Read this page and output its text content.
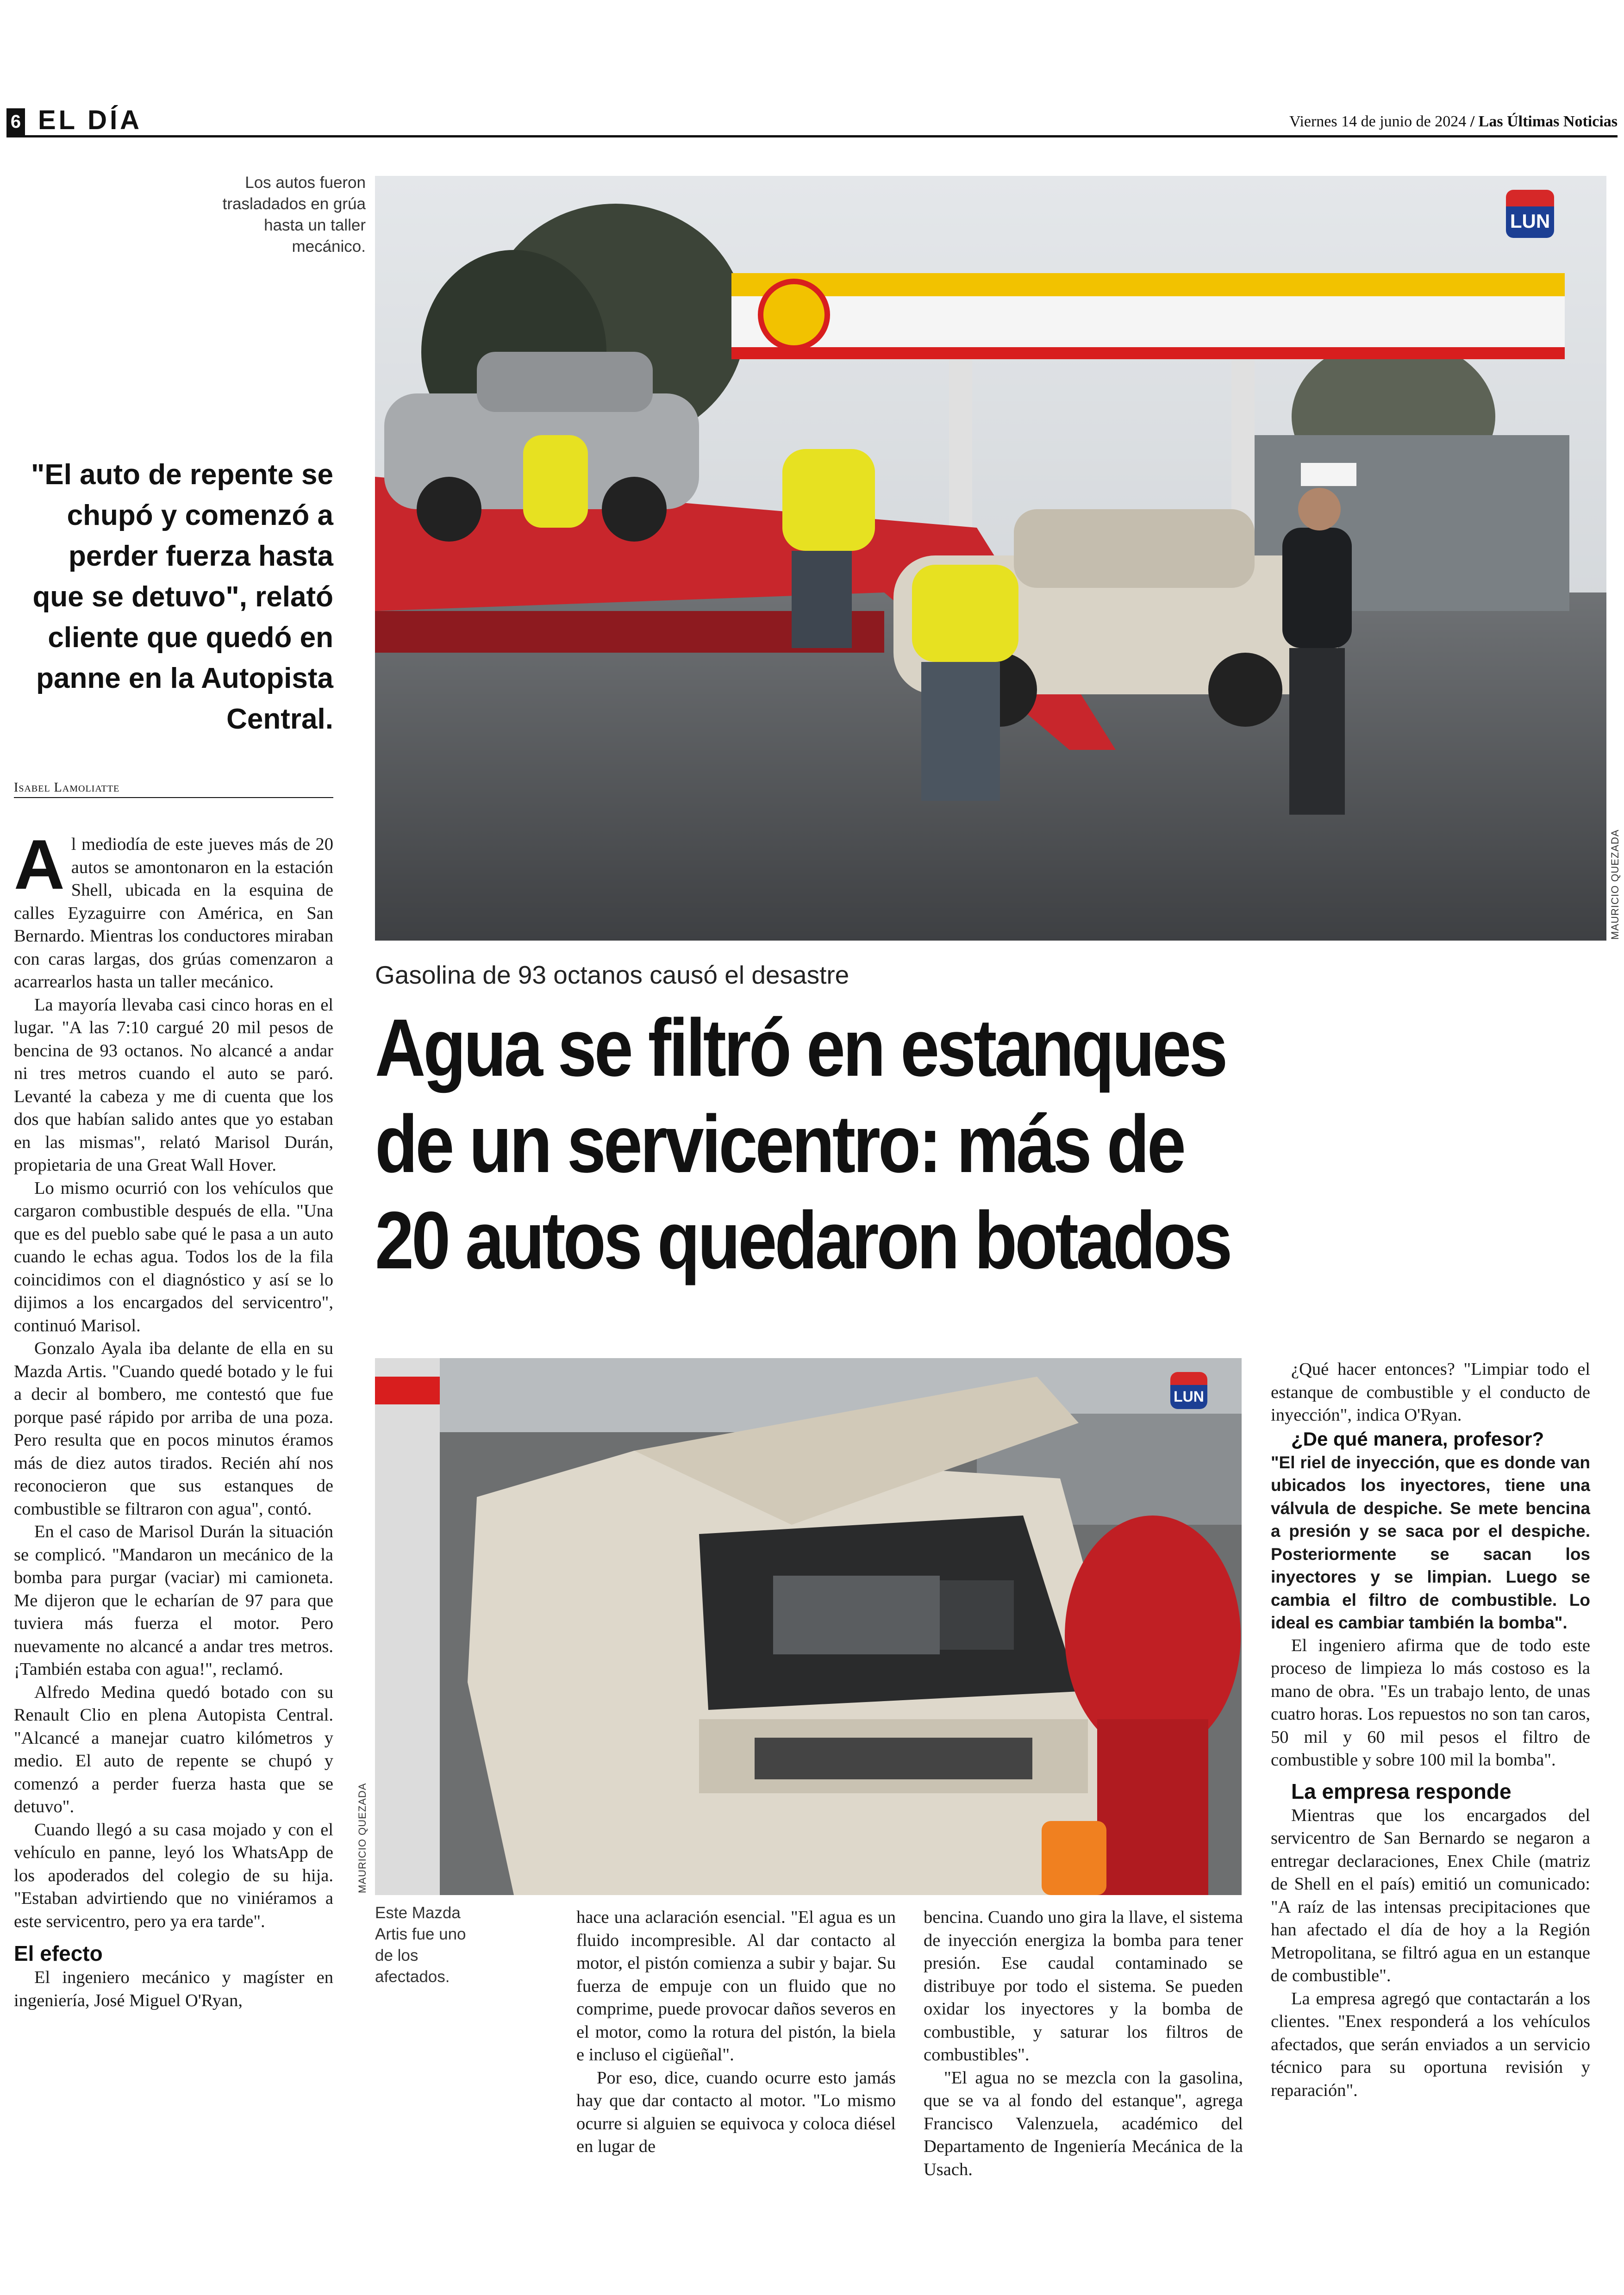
6 EL DÍA	Viernes 14 de junio de 2024 / Las Últimas Noticias
Los autos fueron trasladados en grúa hasta un taller mecánico.
LUN
MAURICIO QUEZADA
"El auto de repente se chupó y comenzó a perder fuerza hasta que se detuvo", relató cliente que quedó en panne en la Autopista Central.
Isabel Lamoliatte
Gasolina de 93 octanos causó el desastre
Agua se filtró en estanques
de un servicentro: más de
20 autos quedaron botados
LUN
MAURICIO QUEZADA
Este Mazda Artis fue uno de los afectados.

Al mediodía de este jueves más de 20 autos se amontonaron en la estación Shell, ubicada en la esquina de calles Eyzaguirre con América, en San Bernardo. Mientras los conductores miraban con caras largas, dos grúas comenzaron a acarrearlos hasta un taller mecánico.

La mayoría llevaba casi cinco horas en el lugar. "A las 7:10 cargué 20 mil pesos de bencina de 93 octanos. No alcancé a andar ni tres metros cuando el auto se paró. Levanté la cabeza y me di cuenta que los dos que habían salido antes que yo estaban en las mismas", relató Marisol Durán, propietaria de una Great Wall Hover.

Lo mismo ocurrió con los vehículos que cargaron combustible después de ella. "Una que es del pueblo sabe qué le pasa a un auto cuando le echas agua. Todos los de la fila coincidimos con el diagnóstico y así se lo dijimos a los encargados del servicentro", continuó Marisol.

Gonzalo Ayala iba delante de ella en su Mazda Artis. "Cuando quedé botado y le fui a decir al bombero, me contestó que fue porque pasé rápido por arriba de una poza. Pero resulta que en pocos minutos éramos más de diez autos tirados. Recién ahí nos reconocieron que sus estanques de combustible se filtraron con agua", contó.

En el caso de Marisol Durán la situación se complicó. "Mandaron un mecánico de la bomba para purgar (vaciar) mi camioneta. Me dijeron que le echarían de 97 para que tuviera más fuerza el motor. Pero nuevamente no alcancé a andar tres metros. ¡También estaba con agua!", reclamó.

Alfredo Medina quedó botado con su Renault Clio en plena Autopista Central. "Alcancé a manejar cuatro kilómetros y medio. El auto de repente se chupó y comenzó a perder fuerza hasta que se detuvo".

Cuando llegó a su casa mojado y con el vehículo en panne, leyó los WhatsApp de los apoderados del colegio de su hija. "Estaban advirtiendo que no viniéramos a este servicentro, pero ya era tarde".

El efecto

El ingeniero mecánico y magíster en ingeniería, José Miguel O'Ryan,

hace una aclaración esencial. "El agua es un fluido incompresible. Al dar contacto al motor, el pistón comienza a subir y bajar. Su fuerza de empuje con un fluido que no comprime, puede provocar daños severos en el motor, como la rotura del pistón, la biela e incluso el cigüeñal".

Por eso, dice, cuando ocurre esto jamás hay que dar contacto al motor. "Lo mismo ocurre si alguien se equivoca y coloca diésel en lugar de

bencina. Cuando uno gira la llave, el sistema de inyección energiza la bomba para tener presión. Ese caudal contaminado se distribuye por todo el sistema. Se pueden oxidar los inyectores y la bomba de combustible, y saturar los filtros de combustibles".

"El agua no se mezcla con la gasolina, que se va al fondo del estanque", agrega Francisco Valenzuela, académico del Departamento de Ingeniería Mecánica de la Usach.

¿Qué hacer entonces? "Limpiar todo el estanque de combustible y el conducto de inyección", indica O'Ryan.

¿De qué manera, profesor?

"El riel de inyección, que es donde van ubicados los inyectores, tiene una válvula de despiche. Se mete bencina a presión y se saca por el despiche. Posteriormente se sacan los inyectores y se limpian. Luego se cambia el filtro de combustible. Lo ideal es cambiar también la bomba".

El ingeniero afirma que de todo este proceso de limpieza lo más costoso es la mano de obra. "Es un trabajo lento, de unas cuatro horas. Los repuestos no son tan caros, 50 mil y 60 mil pesos el filtro de combustible y sobre 100 mil la bomba".

La empresa responde

Mientras que los encargados del servicentro de San Bernardo se negaron a entregar declaraciones, Enex Chile (matriz de Shell en el país) emitió un comunicado: "A raíz de las intensas precipitaciones que han afectado el día de hoy a la Región Metropolitana, se filtró agua en un estanque de combustible".

La empresa agregó que contactarán a los clientes. "Enex responderá a los vehículos afectados, que serán enviados a un servicio técnico para su oportuna revisión y reparación".
